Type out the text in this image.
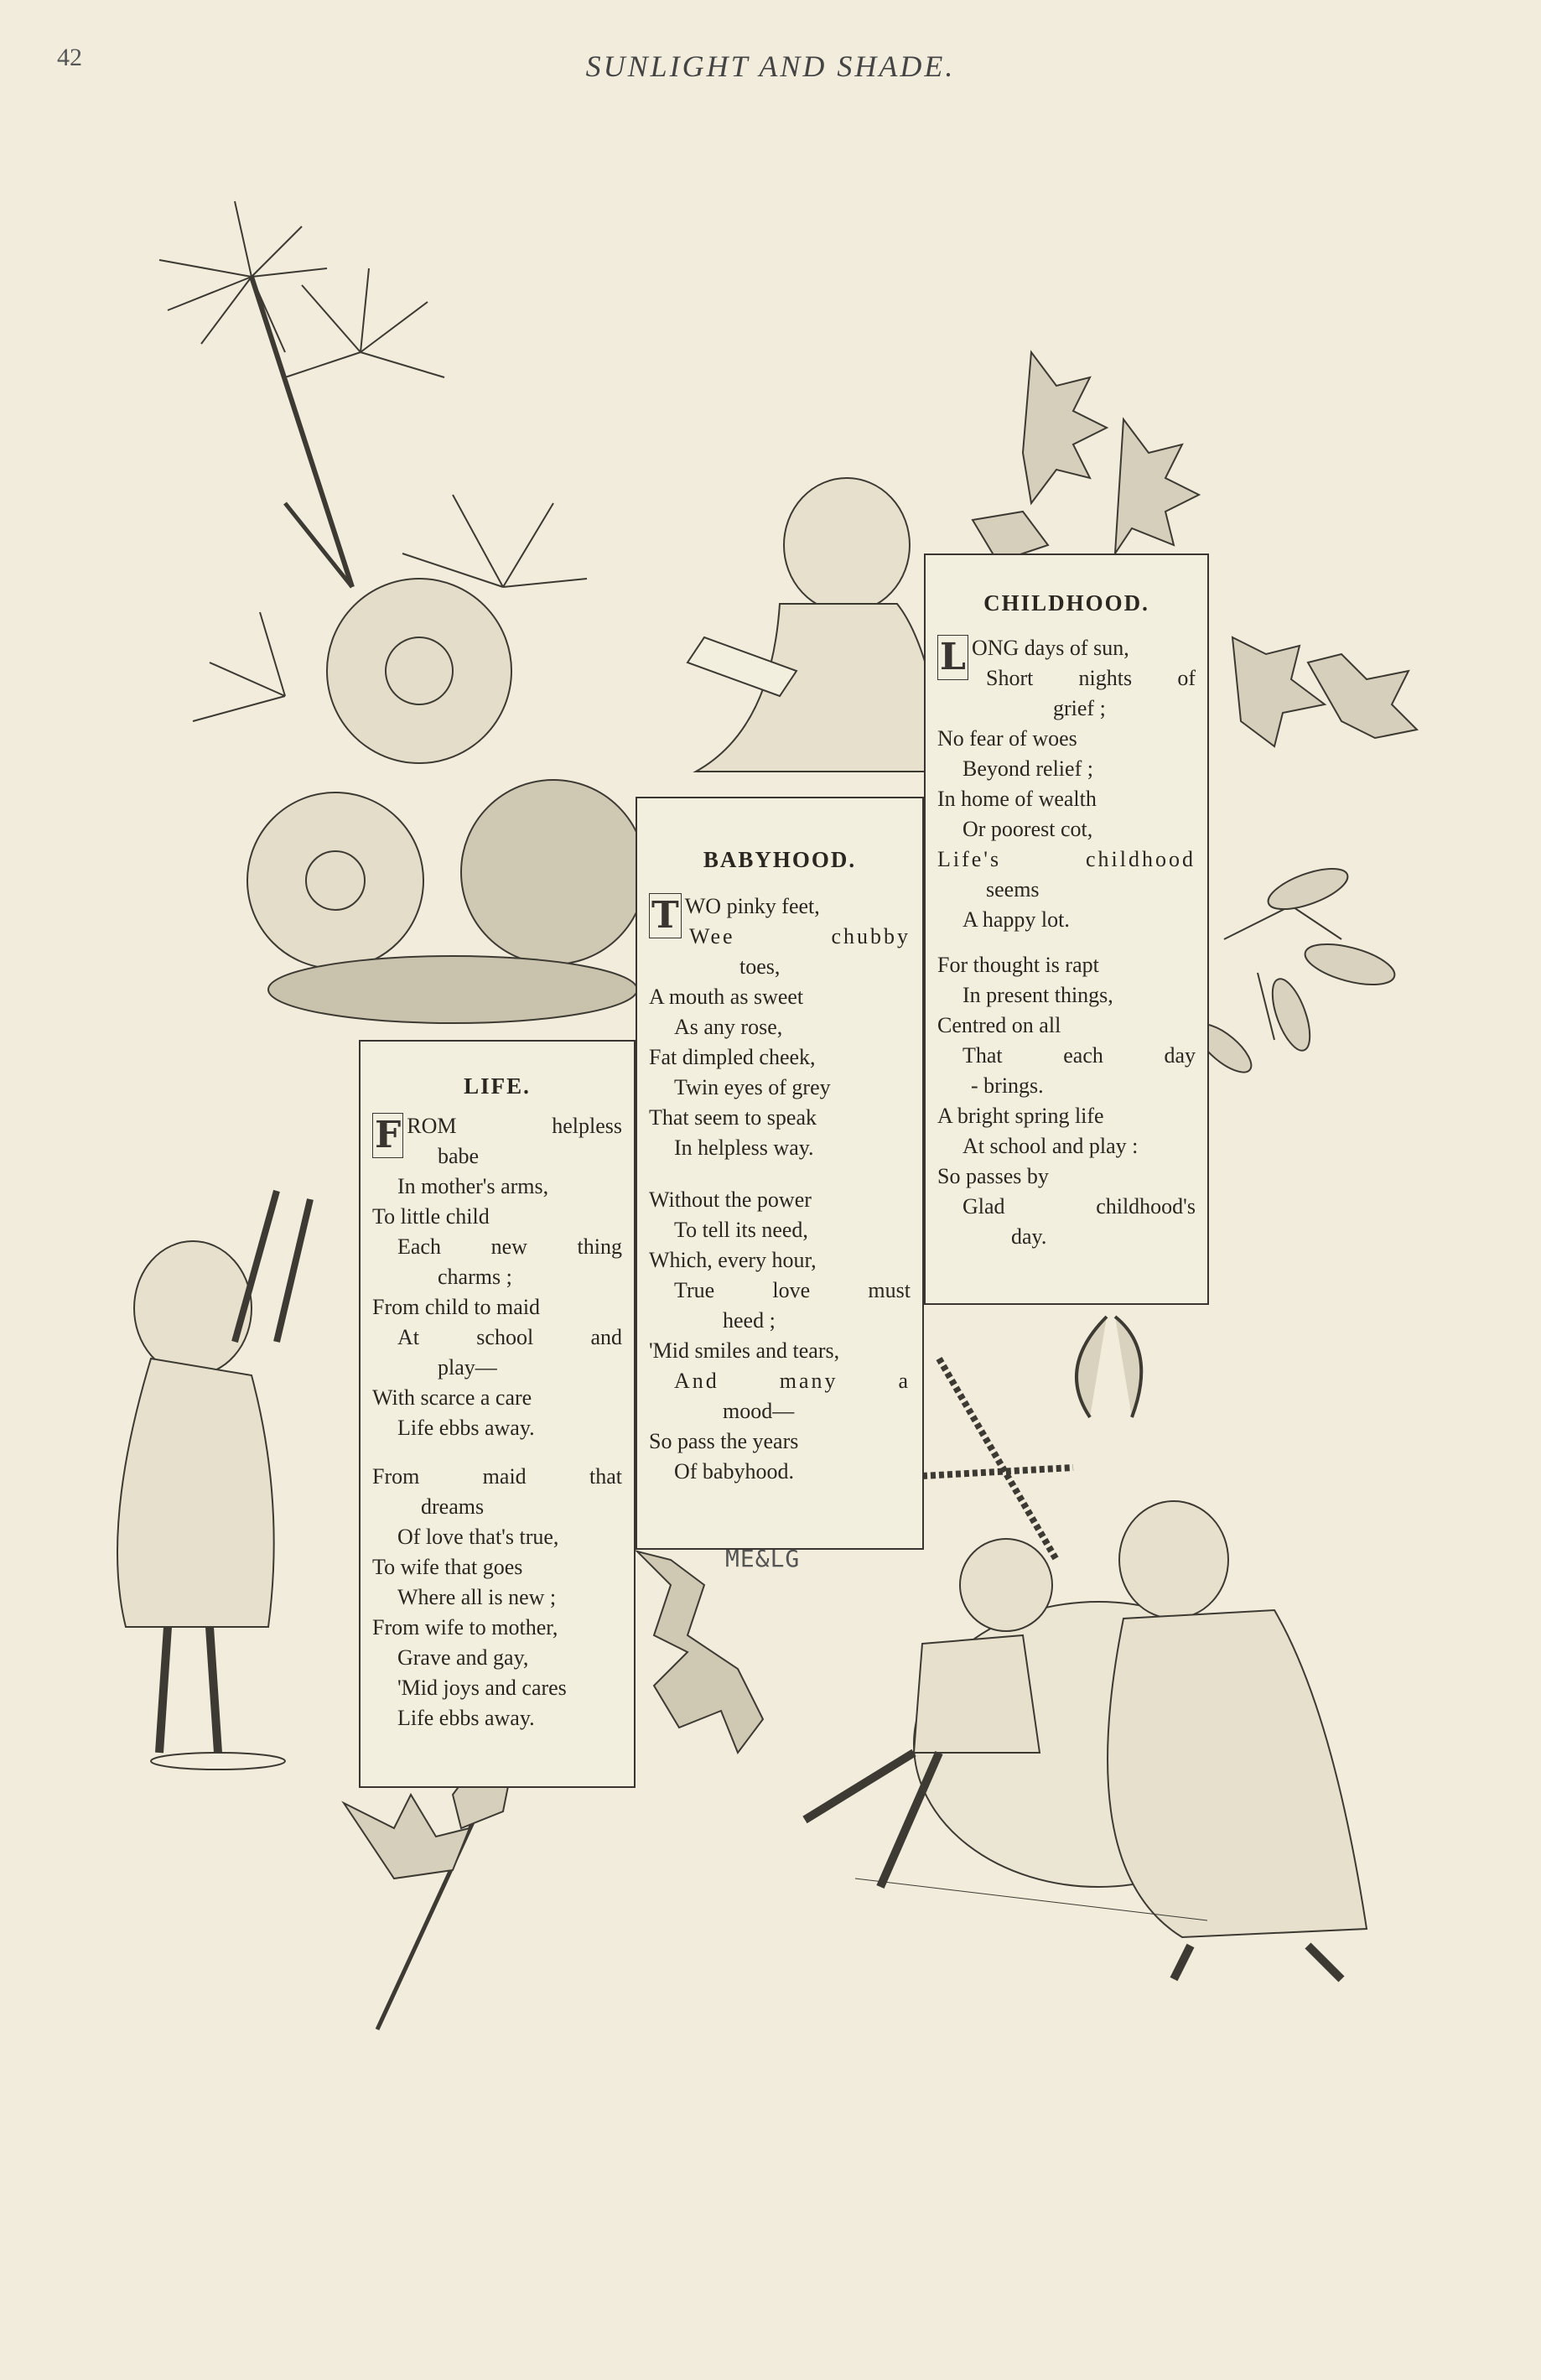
42	SUNLIGHT AND SHADE.
LIFE.
F ROM helpless
babe
In mother's arms,
To little child
Each new thing
charms ;
From child to maid
At school and
play—
With scarce a care
Life ebbs away.
From maid that
dreams
Of love that's true,
To wife that goes
Where all is new ;
From wife to mother,
Grave and gay,
'Mid joys and cares
Life ebbs away.
BABYHOOD.
T WO pinky feet,
Wee chubby
toes,
A mouth as sweet
As any rose,
Fat dimpled cheek,
Twin eyes of grey
That seem to speak
In helpless way.
Without the power
To tell its need,
Which, every hour,
True love must
heed ;
'Mid smiles and tears,
And many a
mood—
So pass the years
Of babyhood.
CHILDHOOD.
L ONG days of sun,
Short nights of
grief ;
No fear of woes
Beyond relief ;
In home of wealth
Or poorest cot,
Life's childhood
seems
A happy lot.
For thought is rapt
In present things,
Centred on all
That each day
- brings.
A bright spring life
At school and play :
So passes by
Glad childhood's
day.
ME&LG
